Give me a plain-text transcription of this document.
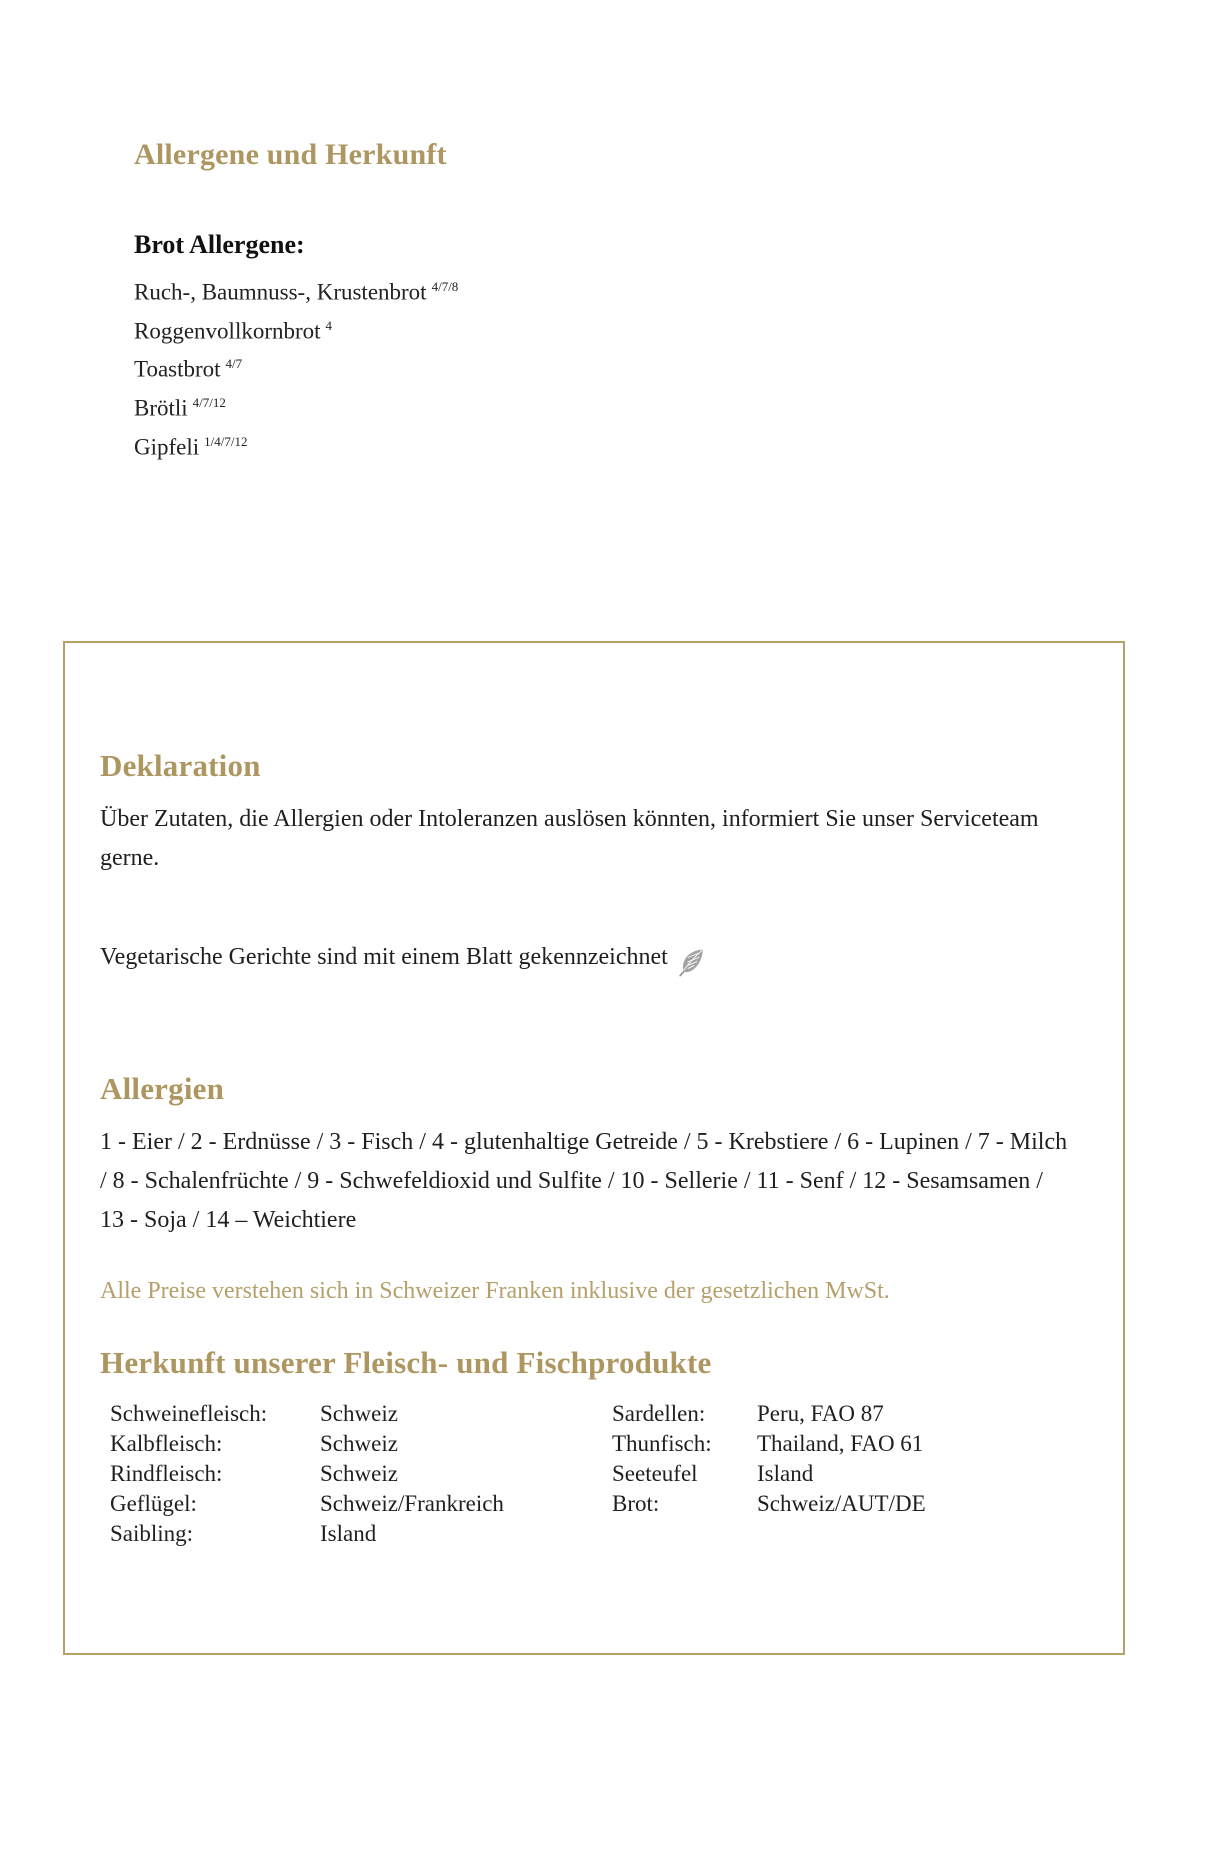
Allergene und Herkunft
Brot Allergene:
Ruch-, Baumnuss-, Krustenbrot $^{4/7/8}$
Roggenvollkornbrot $^4$
Toastbrot $^{4/7}$
Brötli $^{4/7/12}$
Gipfeli $^{1/4/7/12}$
Deklaration

Über Zutaten, die Allergien oder Intoleranzen auslösen könnten, informiert Sie unser Serviceteam gerne.

Vegetarische Gerichte sind mit einem Blatt gekennzeichnet

Allergien

1 - Eier / 2 - Erdnüsse / 3 - Fisch / 4 - glutenhaltige Getreide / 5 - Krebstiere / 6 - Lupinen / 7 - Milch / 8 - Schalenfrüchte / 9 - Schwefeldioxid und Sulfite / 10 - Sellerie / 11 - Senf / 12 - Sesamsamen / 13 - Soja / 14 – Weichtiere

Alle Preise verstehen sich in Schweizer Franken inklusive der gesetzlichen MwSt.

Herkunft unserer Fleisch- und Fischprodukte
Schweinefleisch:	Schweiz
Kalbfleisch:	Schweiz
Rindfleisch:	Schweiz
Geflügel:	Schweiz/Frankreich
Saibling:	Island
Sardellen:	Peru, FAO 87
Thunfisch:	Thailand, FAO 61
Seeteufel	Island
Brot:	Schweiz/AUT/DE
